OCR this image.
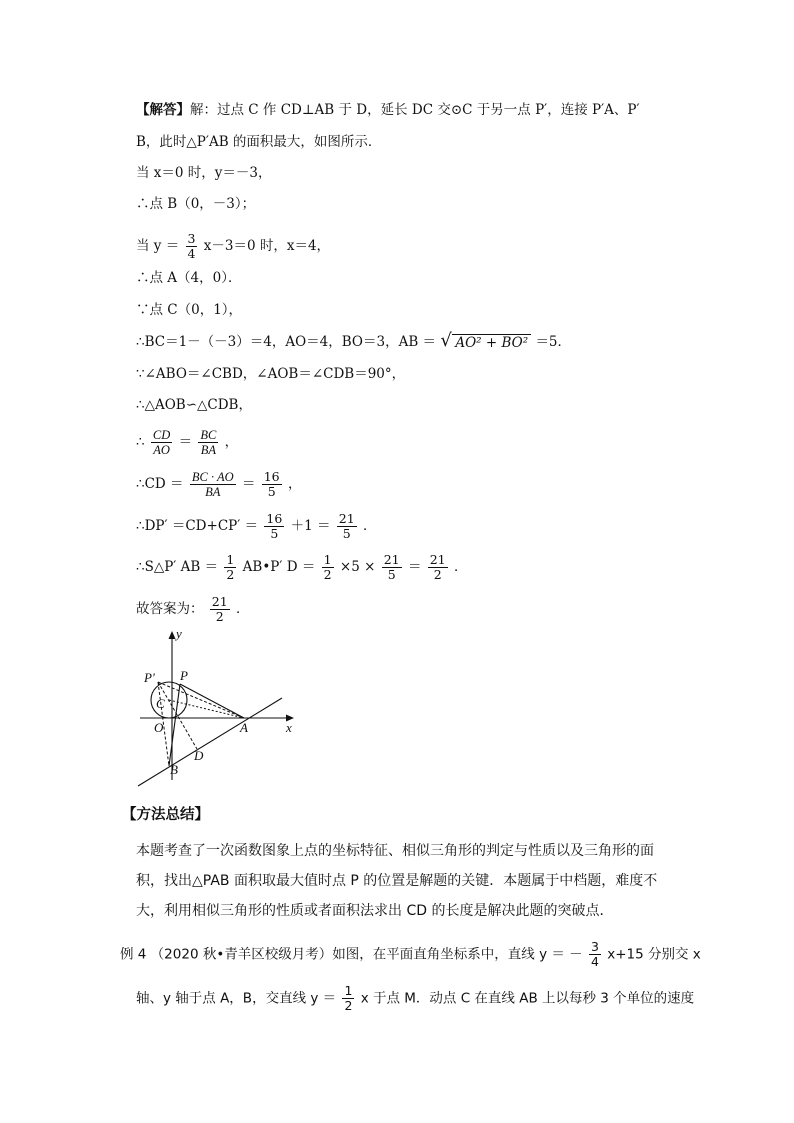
【解答】解：过点 C 作 CD⊥AB 于 D，延长 DC 交⊙C 于另一点 P′，连接 P′A、P′
B，此时△P′AB 的面积最大，如图所示．
当 x＝0 时，y＝－3，
∴点 B（0，－3）；
当 $y = \frac{3}{4} x-3=0$ 时，x＝4，
∴点 A（4，0）．
∵点 C（0，1），
∴BC＝1－（－3）＝4，AO＝4，BO＝3，AB ＝ √ AO² + BO² ＝5．
∵∠ABO＝∠CBD，∠AOB＝∠CDB＝90°，
∴△AOB∽△CDB，
∴ $\frac{CD}{AO} = \frac{BC}{BA}$ ，
∴CD ＝ $\frac{BC \cdot AO}{BA} = \frac{16}{5}$ ，
∴DP′ $=CD+CP' = \frac{16}{5} +1 = \frac{21}{5}$ ．
∴S△P′ AB ＝ $\frac{1}{2}$ AB•P′ $D = \frac{1}{2} \times 5 \times \frac{21}{5} = \frac{21}{2}$ ．
故答案为： $\frac{21}{2}$ ．
y
x
P′ P
C
O	A
B
D
【方法总结】
本题考查了一次函数图象上点的坐标特征、相似三角形的判定与性质以及三角形的面积，找出△PAB 面积取最大值时点 P 的位置是解题的关键．本题属于中档题，难度不大，利用相似三角形的性质或者面积法求出 CD 的长度是解决此题的突破点．
例 4 （2020 秋•青羊区校级月考）如图，在平面直角坐标系中，直线 y ＝ － $\frac{3}{4} x+15$ 分别交 x
轴、y 轴于点 A，B，交直线 $y = \frac{1}{2}$ x 于点 M．动点 C 在直线 AB 上以每秒 3 个单位的速度
